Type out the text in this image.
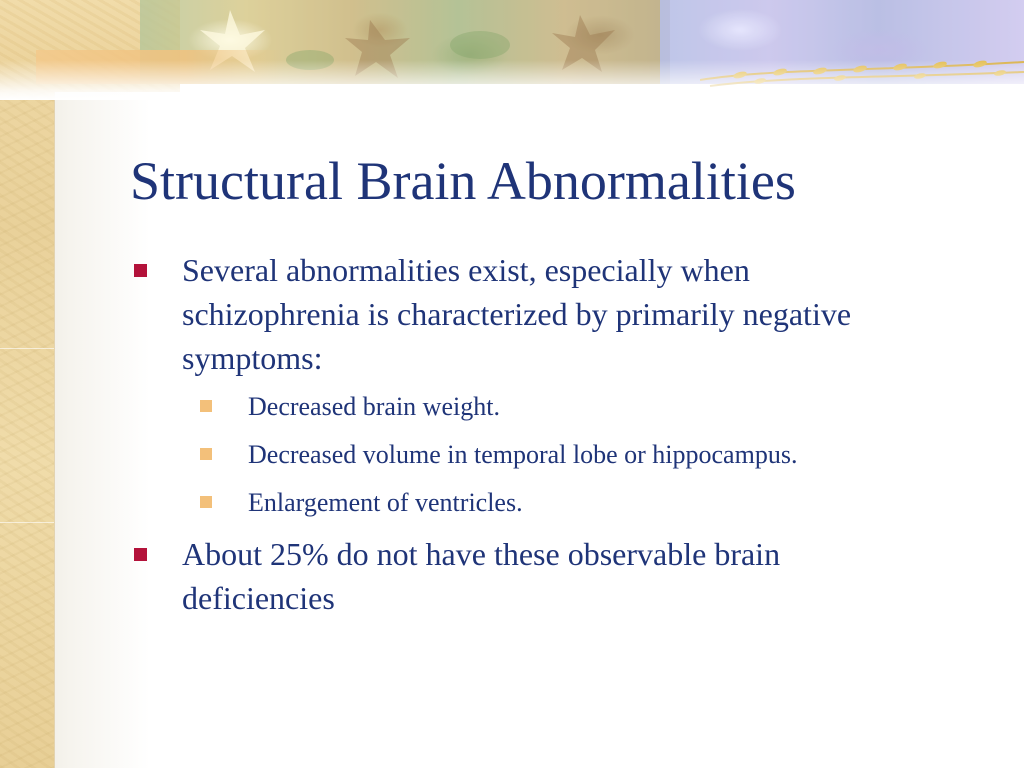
Structural Brain Abnormalities
Several abnormalities exist, especially when schizophrenia is characterized by primarily negative symptoms:
Decreased brain weight.
Decreased volume in temporal lobe or hippocampus.
Enlargement of ventricles.
About 25% do not have these observable brain deficiencies
